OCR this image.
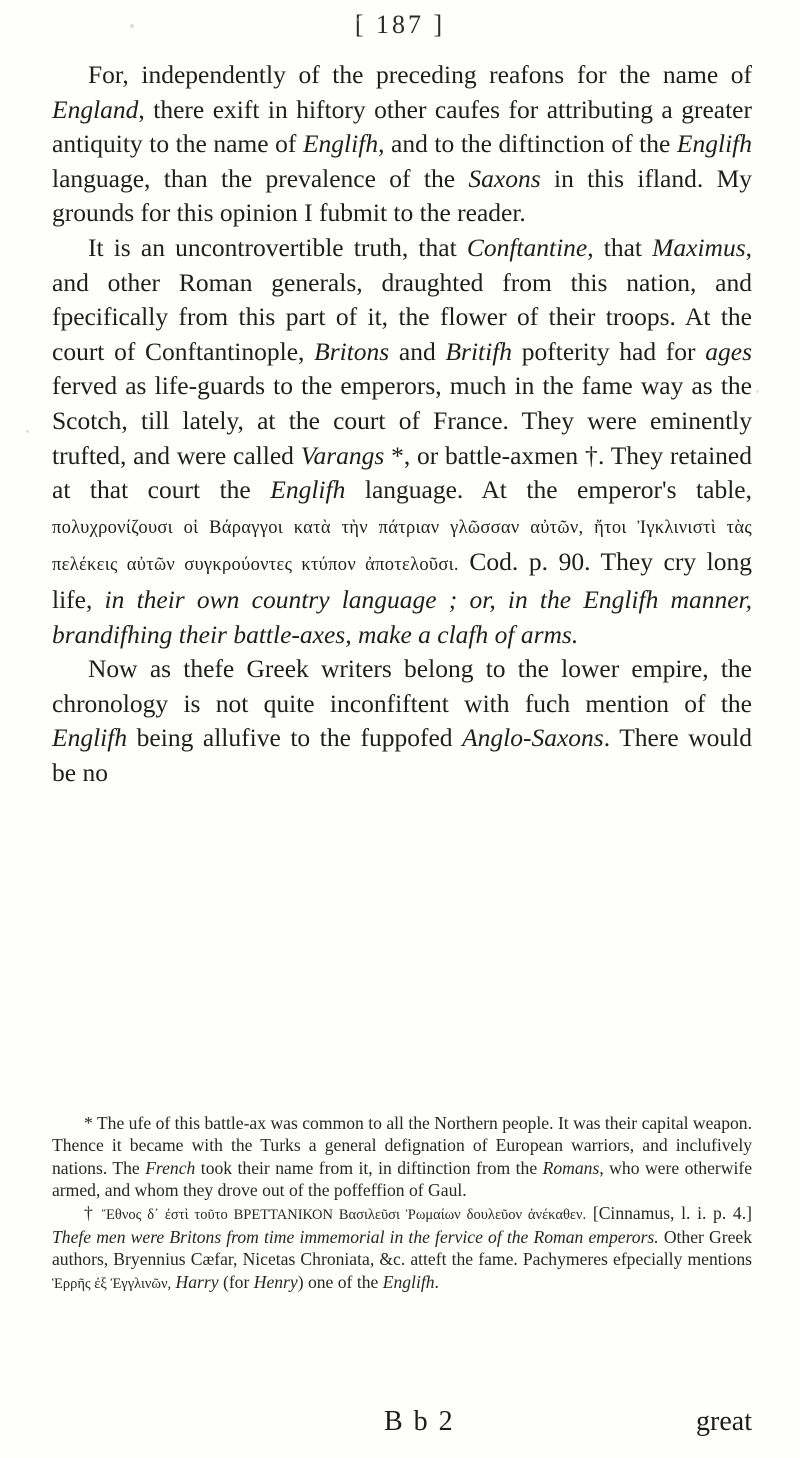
[ 187 ]

For, independently of the preceding reafons for the name of England, there exift in hiftory other caufes for attributing a greater antiquity to the name of Englifh, and to the diftinction of the Englifh language, than the prevalence of the Saxons in this ifland. My grounds for this opinion I fubmit to the reader.

It is an uncontrovertible truth, that Conftantine, that Maximus, and other Roman generals, draughted from this nation, and fpecifically from this part of it, the flower of their troops. At the court of Conftantinople, Britons and Britifh pofterity had for ages ferved as life-guards to the emperors, much in the fame way as the Scotch, till lately, at the court of France. They were eminently trufted, and were called Varangs *, or battle-axmen †. They retained at that court the Englifh language. At the emperor's table, πολυχρονίζουσι οἱ Βάραγγοι κατὰ τὴν πάτριαν γλῶσσαν αὐτῶν, ἤτοι Ἰγκλινιστὶ τὰς πελέκεις αὐτῶν συγκρούοντες κτύπον ἀποτελοῦσι. Cod. p. 90. They cry long life, in their own country language ; or, in the Englifh manner, brandifhing their battle-axes, make a clafh of arms.

Now as thefe Greek writers belong to the lower empire, the chronology is not quite inconfiftent with fuch mention of the Englifh being allufive to the fuppofed Anglo-Saxons. There would be no

* The ufe of this battle-ax was common to all the Northern people. It was their capital weapon. Thence it became with the Turks a general defignation of European warriors, and inclufively nations. The French took their name from it, in diftinction from the Romans, who were otherwife armed, and whom they drove out of the poffeffion of Gaul.

† Ἔθνος δ᾽ ἐστὶ τοῦτο ΒΡΕΤΤΑΝΙΚΟΝ Βασιλεῦσι Ῥωμαίων δουλεῦον ἀνέκαθεν. [Cinnamus, l. i. p. 4.] Thefe men were Britons from time immemorial in the fervice of the Roman emperors. Other Greek authors, Bryennius Cæfar, Nicetas Chroniata, &c. atteft the fame. Pachymeres efpecially mentions Ἑρρῆς ἐξ Ἐγγλινῶν, Harry (for Henry) one of the Englifh.

B b 2	great
